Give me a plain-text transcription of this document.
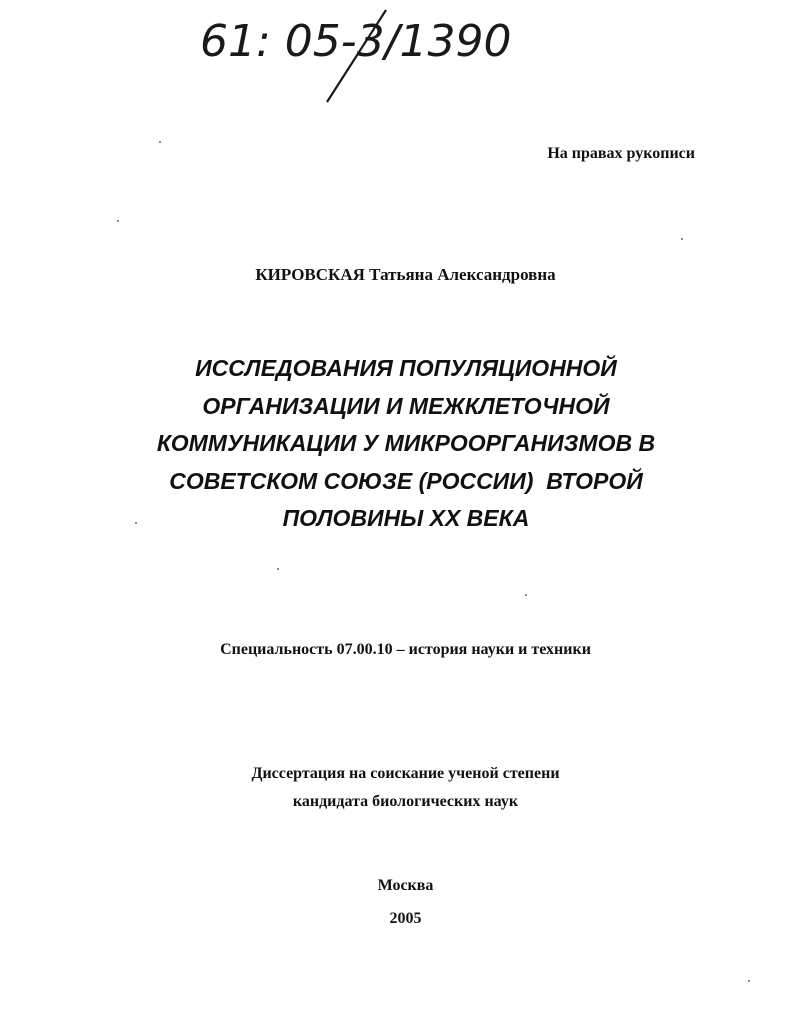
61: 05-3/1390
На правах рукописи
КИРОВСКАЯ Татьяна Александровна
ИССЛЕДОВАНИЯ ПОПУЛЯЦИОННОЙ
ОРГАНИЗАЦИИ И МЕЖКЛЕТОЧНОЙ
КОММУНИКАЦИИ У МИКРООРГАНИЗМОВ В
СОВЕТСКОМ СОЮЗЕ (РОССИИ)  ВТОРОЙ
ПОЛОВИНЫ XX ВЕКА
Специальность 07.00.10 – история науки и техники
Диссертация на соискание ученой степени
кандидата биологических наук
Москва
2005
